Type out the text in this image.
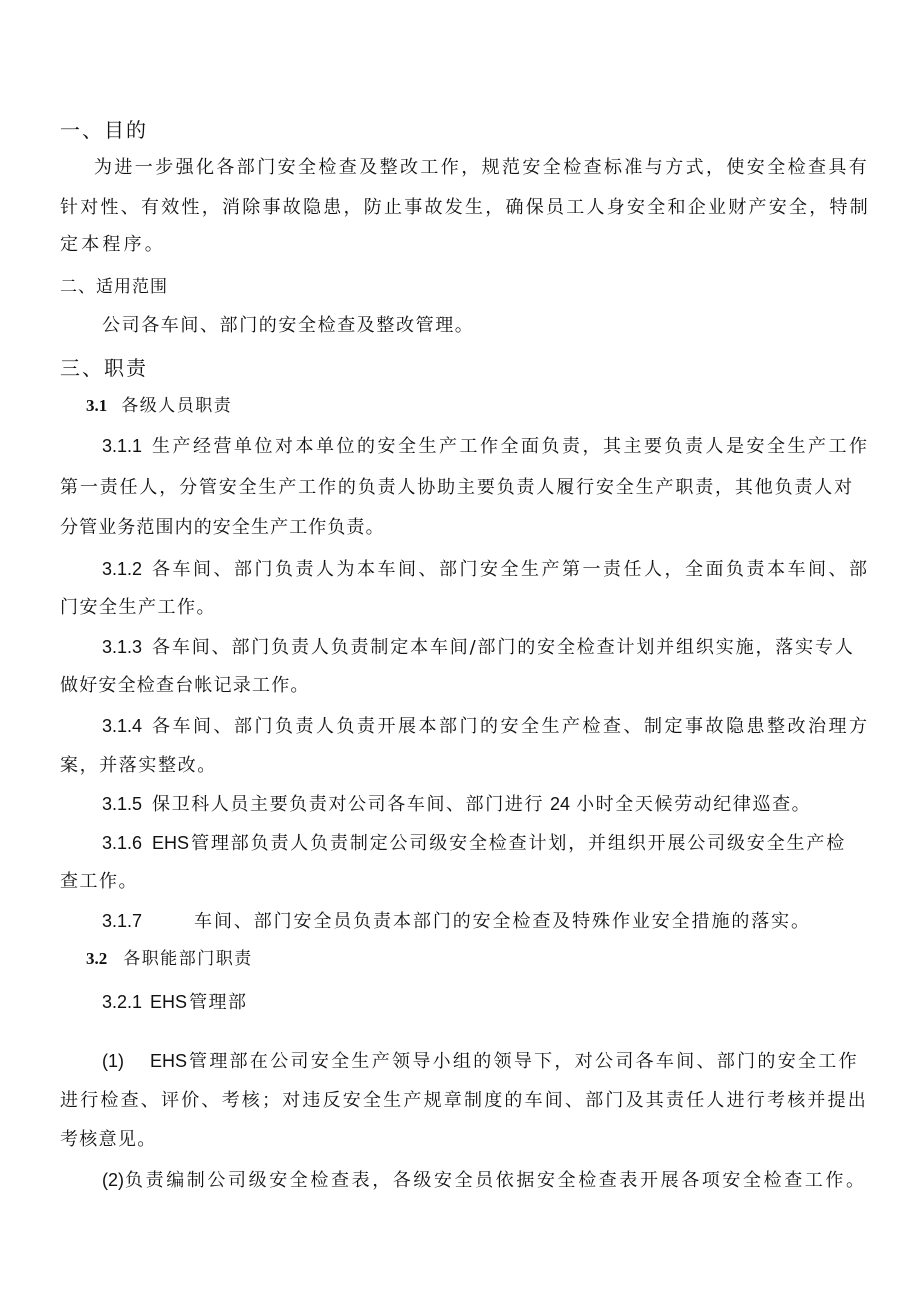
一、目的
为进一步强化各部门安全检查及整改工作，规范安全检查标准与方式，使安全检查具有
针对性、有效性，消除事故隐患，防止事故发生，确保员工人身安全和企业财产安全，特制
定本程序。
二、适用范围
公司各车间、部门的安全检查及整改管理。
三、职责
3.1 各级人员职责
3.1.1 生产经营单位对本单位的安全生产工作全面负责，其主要负责人是安全生产工作
第一责任人，分管安全生产工作的负责人协助主要负责人履行安全生产职责，其他负责人对
分管业务范围内的安全生产工作负责。
3.1.2 各车间、部门负责人为本车间、部门安全生产第一责任人，全面负责本车间、部
门安全生产工作。
3.1.3 各车间、部门负责人负责制定本车间/部门的安全检查计划并组织实施，落实专人
做好安全检查台帐记录工作。
3.1.4 各车间、部门负责人负责开展本部门的安全生产检查、制定事故隐患整改治理方
案，并落实整改。
3.1.5 保卫科人员主要负责对公司各车间、部门进行 24 小时全天候劳动纪律巡查。
3.1.6 EHS 管理部负责人负责制定公司级安全检查计划，并组织开展公司级安全生产检
查工作。
3.1.7	车间、部门安全员负责本部门的安全检查及特殊作业安全措施的落实。
3.2 各职能部门职责
3.2.1 EHS 管理部
(1) EHS 管理部在公司安全生产领导小组的领导下，对公司各车间、部门的安全工作
进行检查、评价、考核；对违反安全生产规章制度的车间、部门及其责任人进行考核并提出
考核意见。
(2)负责编制公司级安全检查表，各级安全员依据安全检查表开展各项安全检查工作。
